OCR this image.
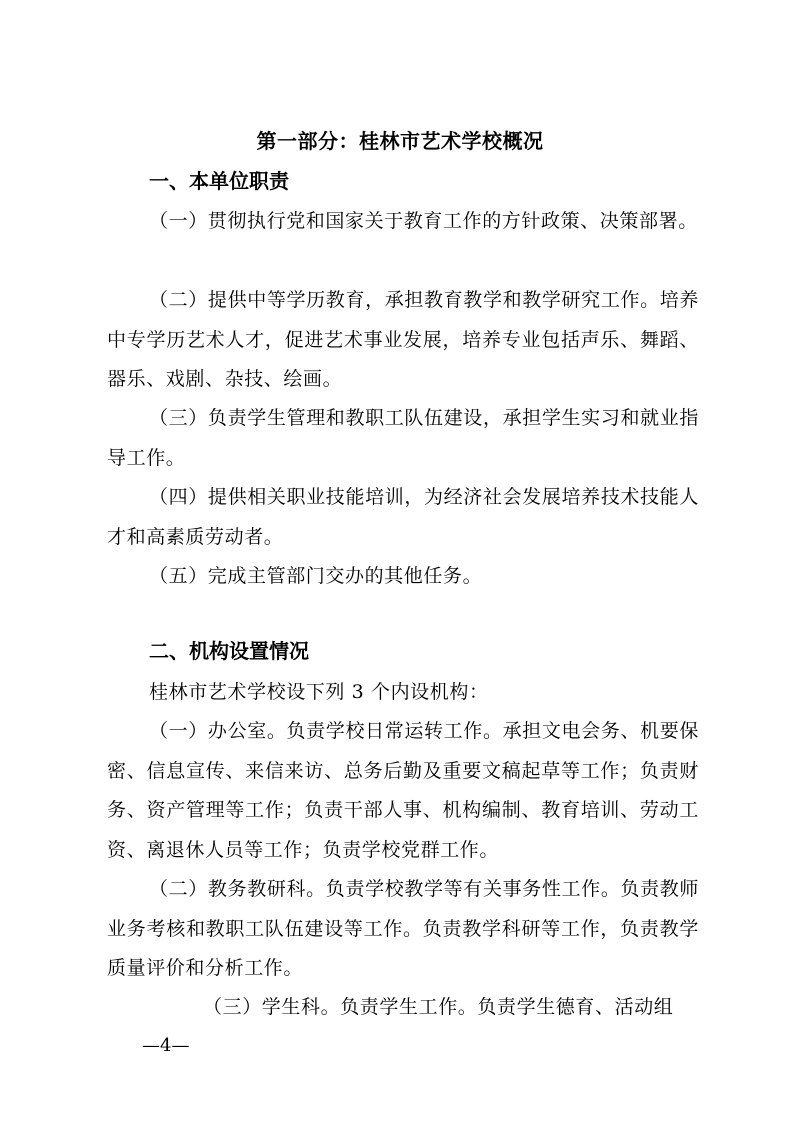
第一部分：桂林市艺术学校概况
一、本单位职责

（一）贯彻执行党和国家关于教育工作的方针政策、决策部署。

（二）提供中等学历教育，承担教育教学和教学研究工作。培养中专学历艺术人才，促进艺术事业发展，培养专业包括声乐、舞蹈、器乐、戏剧、杂技、绘画。

（三）负责学生管理和教职工队伍建设，承担学生实习和就业指导工作。

（四）提供相关职业技能培训，为经济社会发展培养技术技能人才和高素质劳动者。

（五）完成主管部门交办的其他任务。

二、机构设置情况

桂林市艺术学校设下列 3 个内设机构：

（一）办公室。负责学校日常运转工作。承担文电会务、机要保密、信息宣传、来信来访、总务后勤及重要文稿起草等工作；负责财务、资产管理等工作；负责干部人事、机构编制、教育培训、劳动工资、离退休人员等工作；负责学校党群工作。

（二）教务教研科。负责学校教学等有关事务性工作。负责教师业务考核和教职工队伍建设等工作。负责教学科研等工作，负责教学质量评价和分析工作。

（三）学生科。负责学生工作。负责学生德育、活动组

—4—
